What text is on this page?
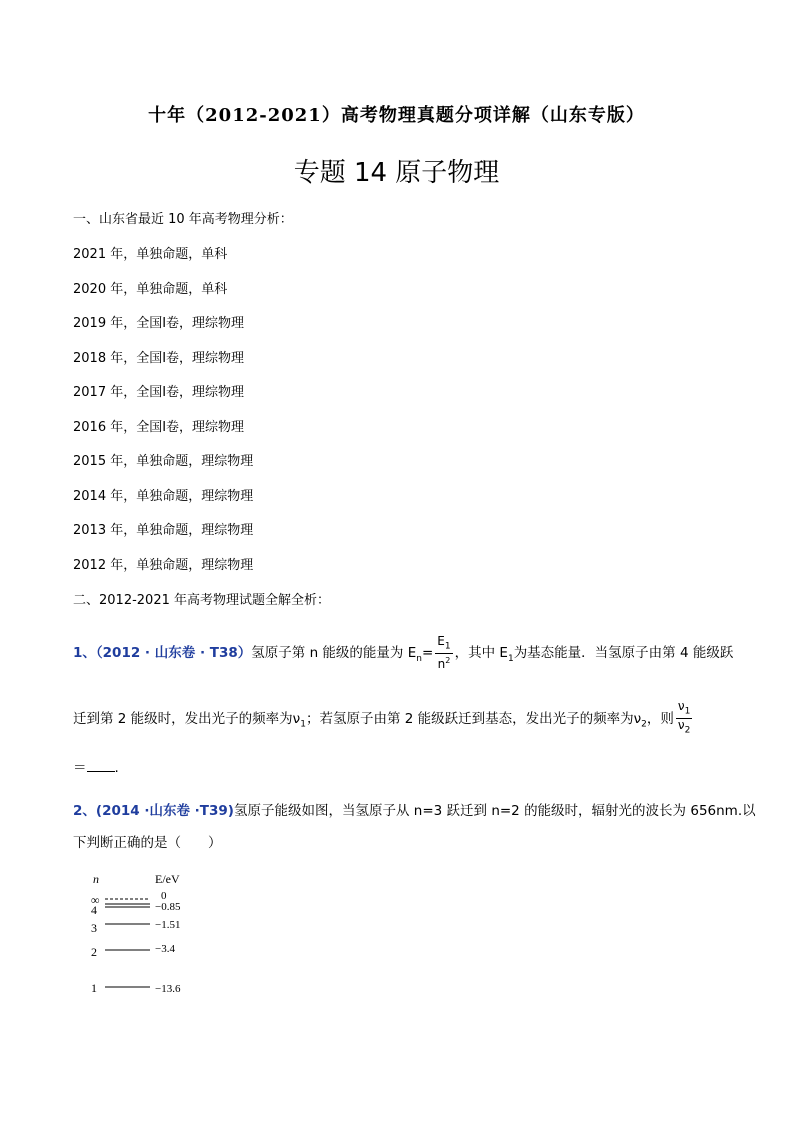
十年（2012-2021）高考物理真题分项详解（山东专版）
专题 14 原子物理
一、山东省最近 10 年高考物理分析：
2021 年，单独命题，单科
2020 年，单独命题，单科
2019 年，全国Ⅰ卷，理综物理
2018 年，全国Ⅰ卷，理综物理
2017 年，全国Ⅰ卷，理综物理
2016 年，全国Ⅰ卷，理综物理
2015 年，单独命题，理综物理
2014 年，单独命题，理综物理
2013 年，单独命题，理综物理
2012 年，单独命题，理综物理
二、2012-2021 年高考物理试题全解全析：
1、（2012 · 山东卷 · T38）氢原子第 n 能级的能量为 $E_n= \frac{E_1}{n^2}$ ，其中 $E_1$为基态能量．当氢原子由第 4 能级跃
迁到第 2 能级时，发出光子的频率为$\nu_1$；若氢原子由第 2 能级跃迁到基态，发出光子的频率为$\nu_2$，则 $\frac{\nu_1}{\nu_2}$
＝ .
2、(2014 ·山东卷 ·T39)氢原子能级如图，当氢原子从 n=3 跃迁到 n=2 的能级时，辐射光的波长为 656nm.以
下判断正确的是（　　）
n	E/eV
∞	0
4	−0.85
3	−1.51
2	−3.4
1	−13.6
